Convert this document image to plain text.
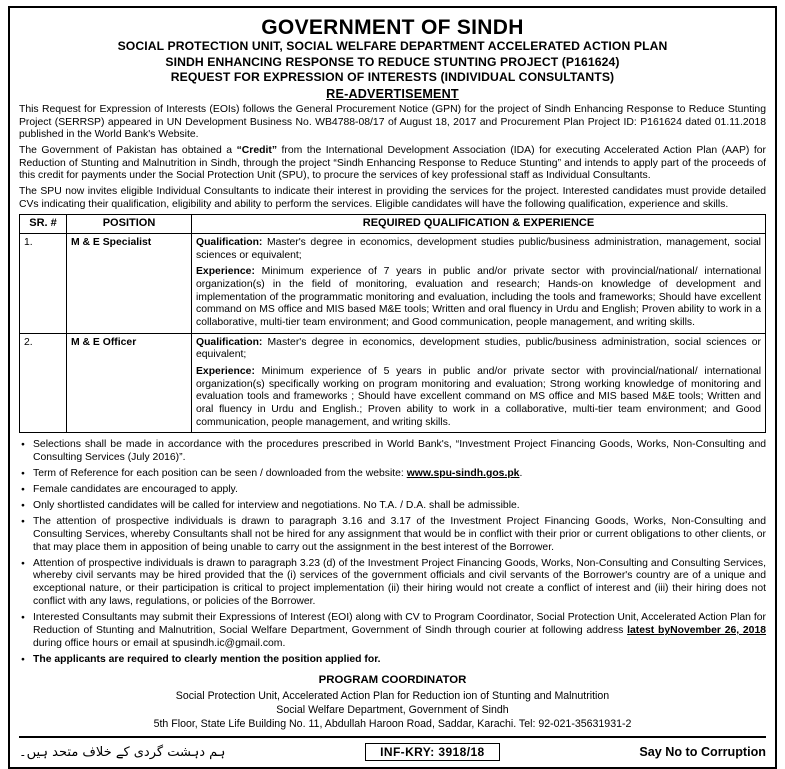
GOVERNMENT OF SINDH
SOCIAL PROTECTION UNIT, SOCIAL WELFARE DEPARTMENT ACCELERATED ACTION PLAN
SINDH ENHANCING RESPONSE TO REDUCE STUNTING PROJECT (P161624)
REQUEST FOR EXPRESSION OF INTERESTS (INDIVIDUAL CONSULTANTS)
RE-ADVERTISEMENT
This Request for Expression of Interests (EOIs) follows the General Procurement Notice (GPN) for the project of Sindh Enhancing Response to Reduce Stunting Project (SERRSP) appeared in UN Development Business No. WB4788-08/17 of August 18, 2017 and Procurement Plan Project ID: P161624 dated 01.11.2018 published in the World Bank's Website.
The Government of Pakistan has obtained a “Credit” from the International Development Association (IDA) for executing Accelerated Action Plan (AAP) for Reduction of Stunting and Malnutrition in Sindh, through the project “Sindh Enhancing Response to Reduce Stunting” and intends to apply part of the proceeds of this credit for payments under the Social Protection Unit (SPU), to procure the services of key professional staff as Individual Consultants.
The SPU now invites eligible Individual Consultants to indicate their interest in providing the services for the project. Interested candidates must provide detailed CVs indicating their qualification, eligibility and ability to perform the services. Eligible candidates will have the following qualification, experience and skills.
SR. #	POSITION	REQUIRED QUALIFICATION & EXPERIENCE
1.	M & E Specialist	Qualification: Master's degree in economics, development studies public/business administration, management, social sciences or equivalent;

Experience: Minimum experience of 7 years in public and/or private sector with provincial/national/ international organization(s) in the field of monitoring, evaluation and research; Hands-on knowledge of development and implementation of the programmatic monitoring and evaluation, including the tools and frameworks; Should have excellent command on MS office and MIS based M&E tools; Written and oral fluency in Urdu and English; Proven ability to work in a collaborative, multi-tier team environment; and Good communication, people management, and writing skills.

2.	M & E Officer	Qualification: Master's degree in economics, development studies, public/business administration, social sciences or equivalent;

Experience: Minimum experience of 5 years in public and/or private sector with provincial/national/ international organization(s) specifically working on program monitoring and evaluation; Strong working knowledge of monitoring and evaluation tools and frameworks ; Should have excellent command on MS office and MIS based M&E tools; Written and oral fluency in Urdu and English.; Proven ability to work in a collaborative, multi-tier team environment; and Good communication, people management, and writing skills.

● Selections shall be made in accordance with the procedures prescribed in World Bank's, “Investment Project Financing Goods, Works, Non-Consulting and Consulting Services (July 2016)”.
● Term of Reference for each position can be seen / downloaded from the website: www.spu-sindh.gos.pk.
● Female candidates are encouraged to apply.
● Only shortlisted candidates will be called for interview and negotiations. No T.A. / D.A. shall be admissible.
● The attention of prospective individuals is drawn to paragraph 3.16 and 3.17 of the Investment Project Financing Goods, Works, Non-Consulting and Consulting Services, whereby Consultants shall not be hired for any assignment that would be in conflict with their prior or current obligations to other clients, or that may place them in apposition of being unable to carry out the assignment in the best interest of the Borrower.
● Attention of prospective individuals is drawn to paragraph 3.23 (d) of the Investment Project Financing Goods, Works, Non-Consulting and Consulting Services, whereby civil servants may be hired provided that the (i) services of the government officials and civil servants of the Borrower's country are of a unique and exceptional nature, or their participation is critical to project implementation (ii) their hiring would not create a conflict of interest and (iii) their hiring does not conflict with any laws, regulations, or policies of the Borrower.
● Interested Consultants may submit their Expressions of Interest (EOI) along with CV to Program Coordinator, Social Protection Unit, Accelerated Action Plan for Reduction of Stunting and Malnutrition, Social Welfare Department, Government of Sindh through courier at following address latest byNovember 26, 2018 during office hours or email at spusindh.ic@gmail.com.
● The applicants are required to clearly mention the position applied for.
PROGRAM COORDINATOR
Social Protection Unit, Accelerated Action Plan for Reduction ion of Stunting and Malnutrition
Social Welfare Department, Government of Sindh
5th Floor, State Life Building No. 11, Abdullah Haroon Road, Saddar, Karachi. Tel: 92-021-35631931-2
ہم دہشت گردی کے خلاف متحد ہیں۔	INF-KRY: 3918/18	Say No to Corruption
